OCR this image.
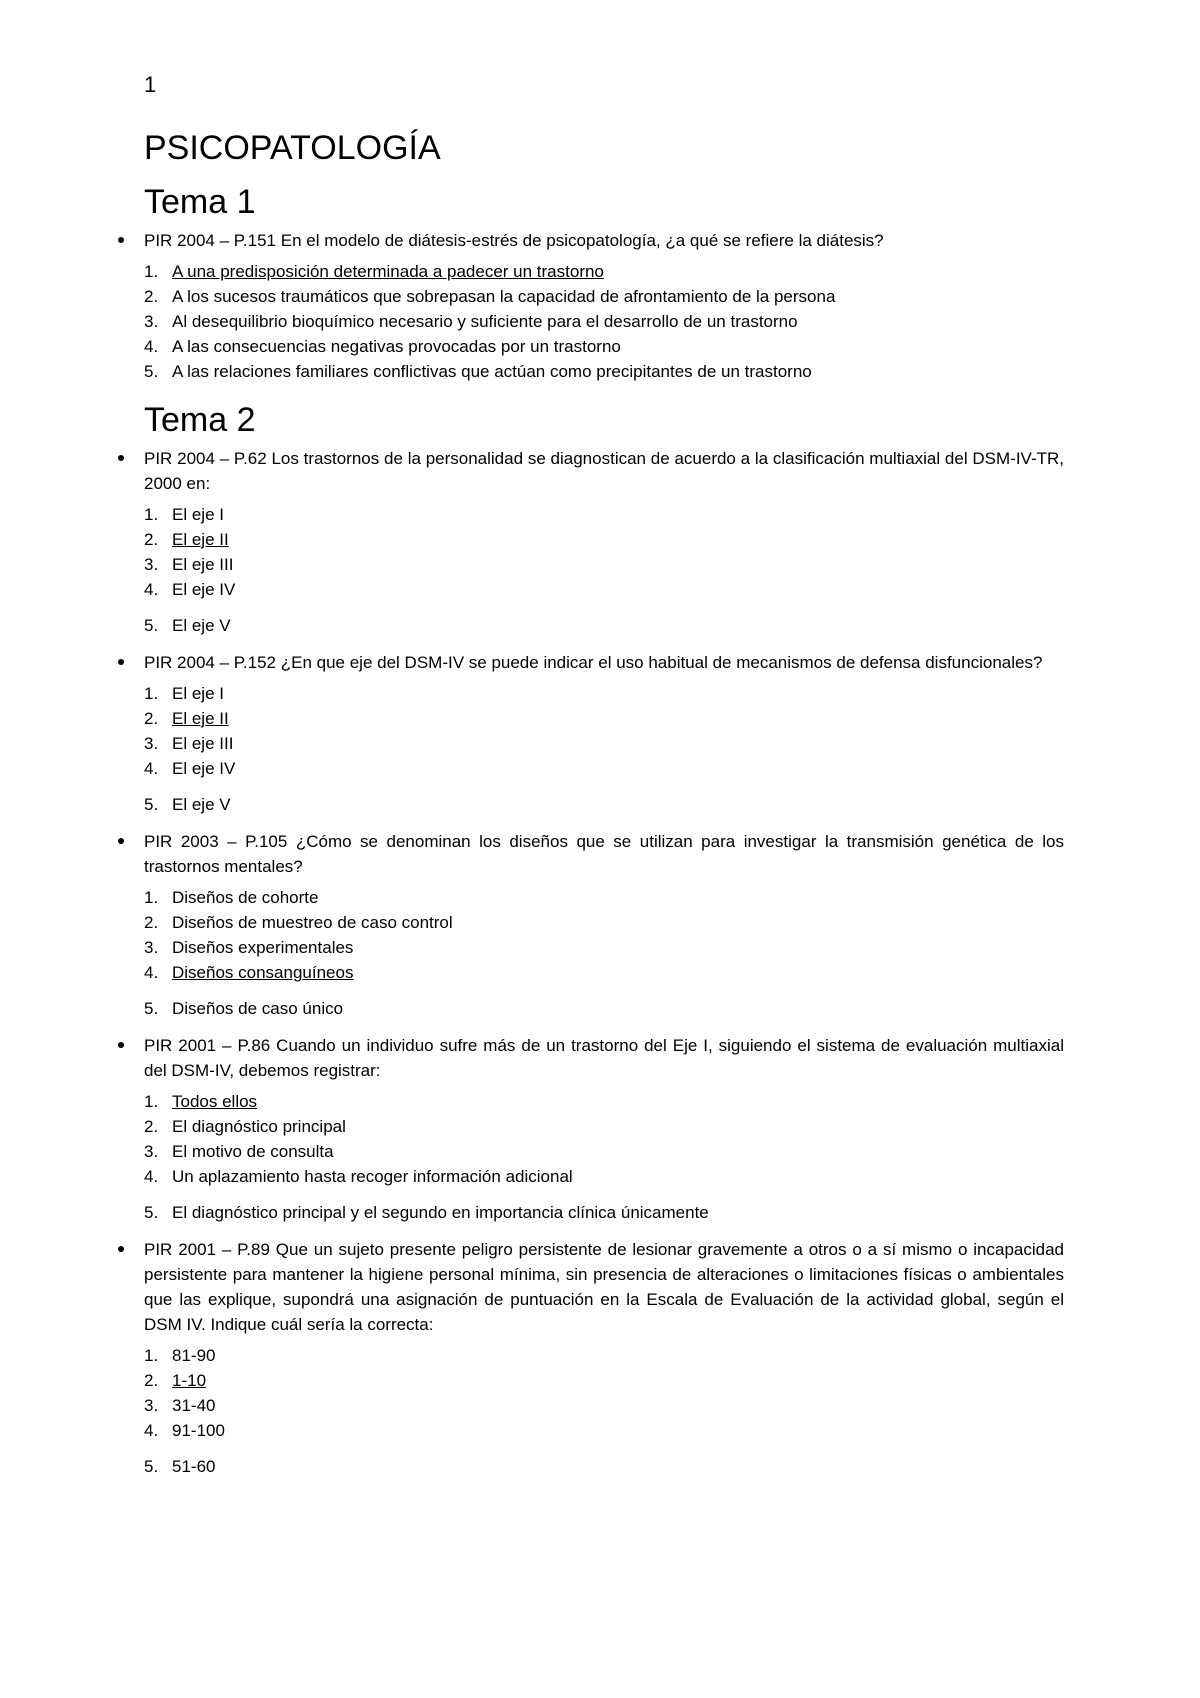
1
PSICOPATOLOGÍA
Tema 1

PIR 2004 – P.151 En el modelo de diátesis-estrés de psicopatología, ¿a qué se refiere la diátesis?

1. A una predisposición determinada a padecer un trastorno
2. A los sucesos traumáticos que sobrepasan la capacidad de afrontamiento de la persona
3. Al desequilibrio bioquímico necesario y suficiente para el desarrollo de un trastorno
4. A las consecuencias negativas provocadas por un trastorno
5. A las relaciones familiares conflictivas que actúan como precipitantes de un trastorno
Tema 2

PIR 2004 – P.62 Los trastornos de la personalidad se diagnostican de acuerdo a la clasificación multiaxial del DSM-IV-TR, 2000 en:

1. El eje I
2. El eje II
3. El eje III
4. El eje IV
5. El eje V

PIR 2004 – P.152 ¿En que eje del DSM-IV se puede indicar el uso habitual de mecanismos de defensa disfuncionales?

1. El eje I
2. El eje II
3. El eje III
4. El eje IV
5. El eje V

PIR 2003 – P.105 ¿Cómo se denominan los diseños que se utilizan para investigar la transmisión genética de los trastornos mentales?

1. Diseños de cohorte
2. Diseños de muestreo de caso control
3. Diseños experimentales
4. Diseños consanguíneos
5. Diseños de caso único

PIR 2001 – P.86 Cuando un individuo sufre más de un trastorno del Eje I, siguiendo el sistema de evaluación multiaxial del DSM-IV, debemos registrar:

1. Todos ellos
2. El diagnóstico principal
3. El motivo de consulta
4. Un aplazamiento hasta recoger información adicional
5. El diagnóstico principal y el segundo en importancia clínica únicamente

PIR 2001 – P.89 Que un sujeto presente peligro persistente de lesionar gravemente a otros o a sí mismo o incapacidad persistente para mantener la higiene personal mínima, sin presencia de alteraciones o limitaciones físicas o ambientales que las explique, supondrá una asignación de puntuación en la Escala de Evaluación de la actividad global, según el DSM IV. Indique cuál sería la correcta:

1. 81-90
2. 1-10
3. 31-40
4. 91-100
5. 51-60
